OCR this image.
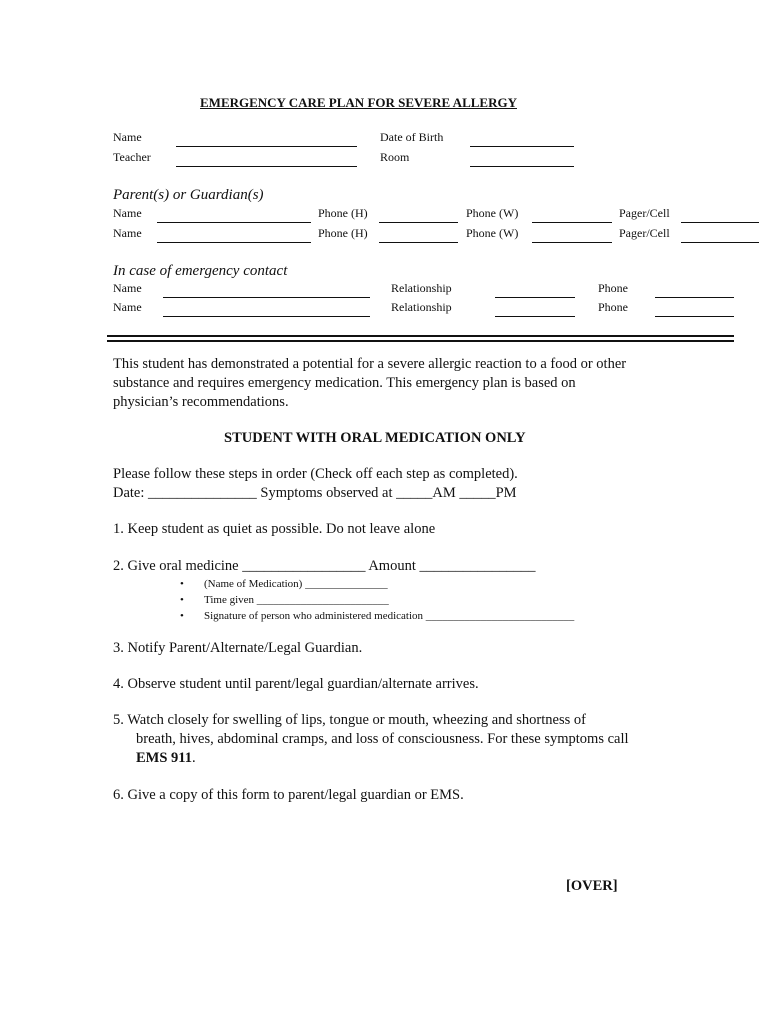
EMERGENCY CARE PLAN FOR SEVERE ALLERGY
Name	Date of Birth
Teacher	Room
Parent(s) or Guardian(s)
Name	Phone (H)	Phone (W)	Pager/Cell
Name	Phone (H)	Phone (W)	Pager/Cell
In case of emergency contact
Name	Relationship	Phone
Name	Relationship	Phone
This student has demonstrated a potential for a severe allergic reaction to a food or other
substance and requires emergency medication. This emergency plan is based on
physician’s recommendations.
STUDENT WITH ORAL MEDICATION ONLY
Please follow these steps in order (Check off each step as completed).
Date: _______________ Symptoms observed at _____AM _____PM
1. Keep student as quiet as possible. Do not leave alone
2. Give oral medicine _________________ Amount ________________
• (Name of Medication) _______________
• Time given ________________________
• Signature of person who administered medication ___________________________
3. Notify Parent/Alternate/Legal Guardian.
4. Observe student until parent/legal guardian/alternate arrives.
5. Watch closely for swelling of lips, tongue or mouth, wheezing and shortness of
breath, hives, abdominal cramps, and loss of consciousness. For these symptoms call
EMS 911.
6. Give a copy of this form to parent/legal guardian or EMS.
[OVER]
